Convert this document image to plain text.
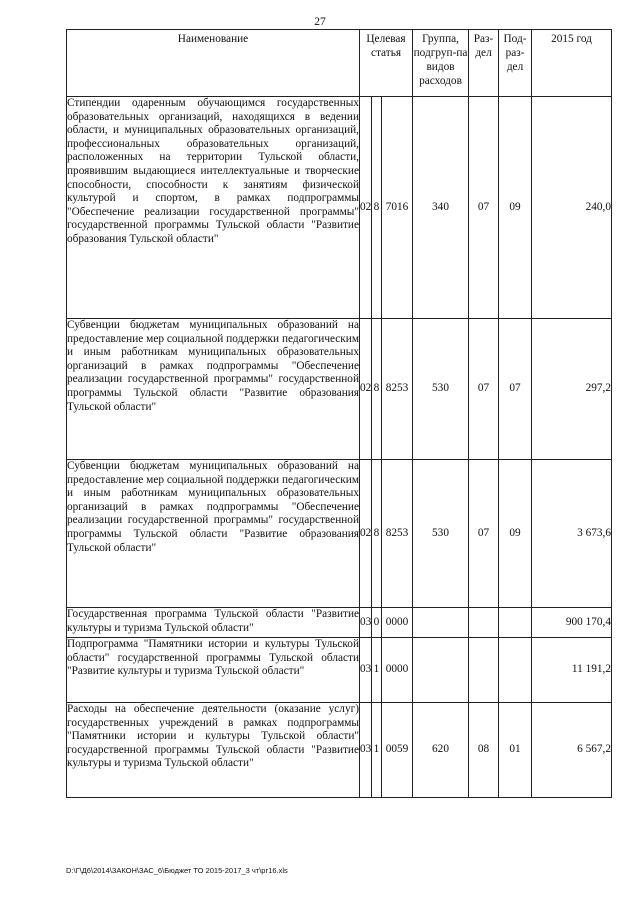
27
Наименование	Целевая статья			Группа, подгруп-па видов расходов	Раз-дел	Под-раз-дел	2015 год
Стипендии одаренным обучающимся государственных образовательных организаций, находящихся в ведении области, и муниципальных образовательных организаций, профессиональных образовательных организаций, расположенных на территории Тульской области, проявившим выдающиеся интеллектуальные и творческие способности, способности к занятиям физической культурой и спортом, в рамках подпрограммы "Обеспечение реализации государственной программы" государственной программы Тульской области "Развитие образования Тульской области"	02	8	7016	340	07	09	240,0
Субвенции бюджетам муниципальных образований на предоставление мер социальной поддержки педагогическим и иным работникам муниципальных образовательных организаций в рамках подпрограммы "Обеспечение реализации государственной программы" государственной программы Тульской области "Развитие образования Тульской области"	02	8	8253	530	07	07	297,2
Субвенции бюджетам муниципальных образований на предоставление мер социальной поддержки педагогическим и иным работникам муниципальных образовательных организаций в рамках подпрограммы "Обеспечение реализации государственной программы" государственной программы Тульской области "Развитие образования Тульской области"	02	8	8253	530	07	09	3 673,6
Государственная программа Тульской области "Развитие культуры и туризма Тульской области"	03	0	0000				900 170,4
Подпрограмма "Памятники истории и культуры Тульской области" государственной программы Тульской области "Развитие культуры и туризма Тульской области"	03	1	0000				11 191,2
Расходы на обеспечение деятельности (оказание услуг) государственных учреждений в рамках подпрограммы "Памятники истории и культуры Тульской области" государственной программы Тульской области "Развитие культуры и туризма Тульской области"	03	1	0059	620	08	01	6 567,2
D:\Г\Д6\2014\ЗАКОН\ЗАС_6\Бюджет ТО 2015-2017_3 чт\рг16.xls
